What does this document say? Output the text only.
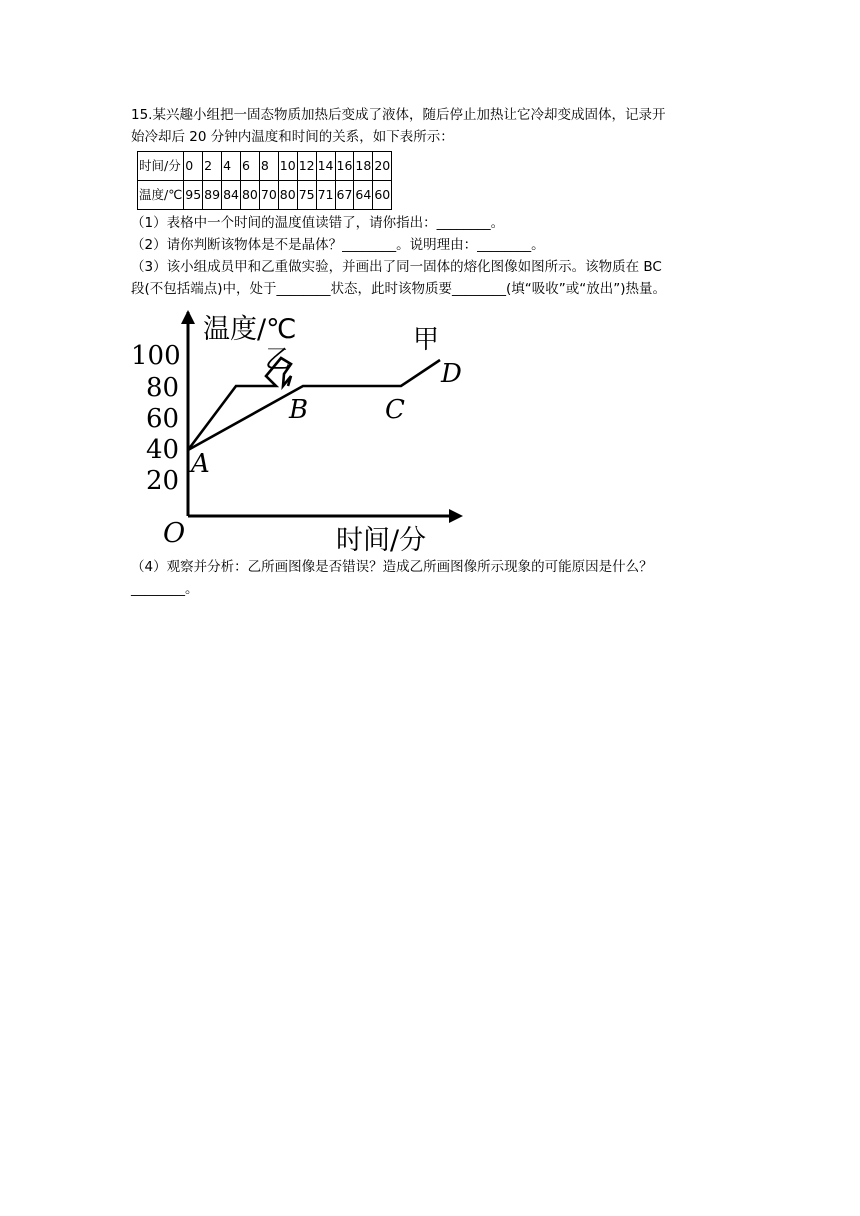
15.某兴趣小组把一固态物质加热后变成了液体，随后停止加热让它冷却变成固体，记录开

始冷却后 20 分钟内温度和时间的关系，如下表所示：

时间/分	0	2	4	6	8	10	12	14	16	18	20
温度/℃	95	89	84	80	70	80	75	71	67	64	60

（1）表格中一个时间的温度值读错了，请你指出：________。

（2）请你判断该物体是不是晶体？________。说明理由：________。

（3）该小组成员甲和乙重做实验，并画出了同一固体的熔化图像如图所示。该物质在 BC

段(不包括端点)中，处于________状态，此时该物质要________(填“吸收”或“放出”)热量。

温度/℃
时间/分
O
100
80
60
40
20
乙
甲
A
B	C
D

（4）观察并分析：乙所画图像是否错误？造成乙所画图像所示现象的可能原因是什么？

________。
